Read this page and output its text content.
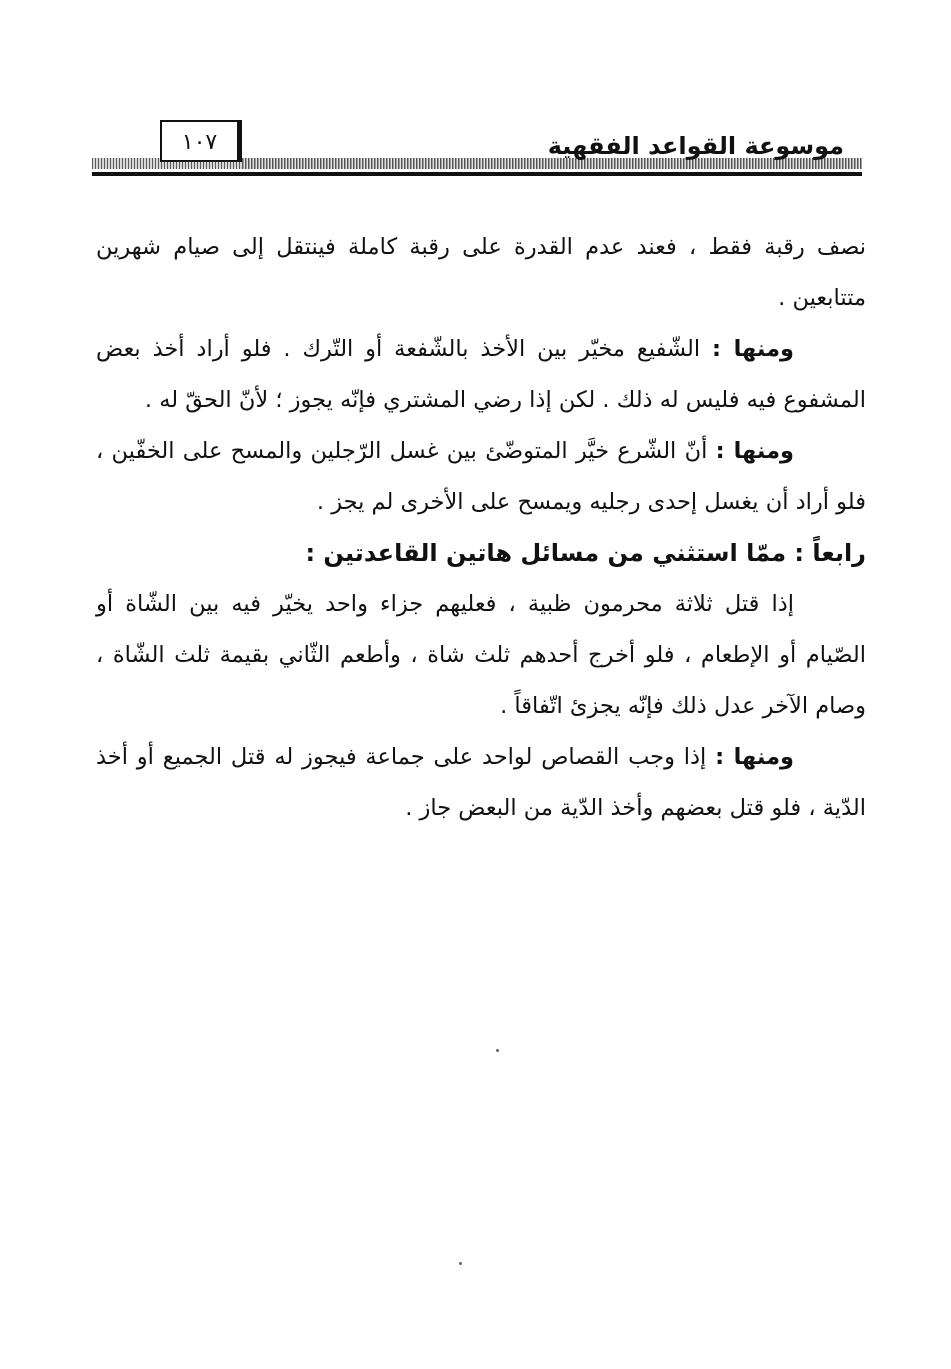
١٠٧	موسوعة القواعد الفقهية

نصف رقبة فقط ، فعند عدم القدرة على رقبة كاملة فينتقل إلى صيام شهرين متتابعين .

ومنها : الشّفيع مخيّر بين الأخذ بالشّفعة أو التّرك . فلو أراد أخذ بعض المشفوع فيه فليس له ذلك . لكن إذا رضي المشتري فإنّه يجوز ؛ لأنّ الحقّ له .

ومنها : أنّ الشّرع خيَّر المتوضّئ بين غسل الرّجلين والمسح على الخفّين ، فلو أراد أن يغسل إحدى رجليه ويمسح على الأخرى لم يجز .

رابعاً : ممّا استثني من مسائل هاتين القاعدتين :

إذا قتل ثلاثة محرمون ظبية ، فعليهم جزاء واحد يخيّر فيه بين الشّاة أو الصّيام أو الإطعام ، فلو أخرج أحدهم ثلث شاة ، وأطعم الثّاني بقيمة ثلث الشّاة ، وصام الآخر عدل ذلك فإنّه يجزئ اتّفاقاً .

ومنها : إذا وجب القصاص لواحد على جماعة فيجوز له قتل الجميع أو أخذ الدّية ، فلو قتل بعضهم وأخذ الدّية من البعض جاز .
